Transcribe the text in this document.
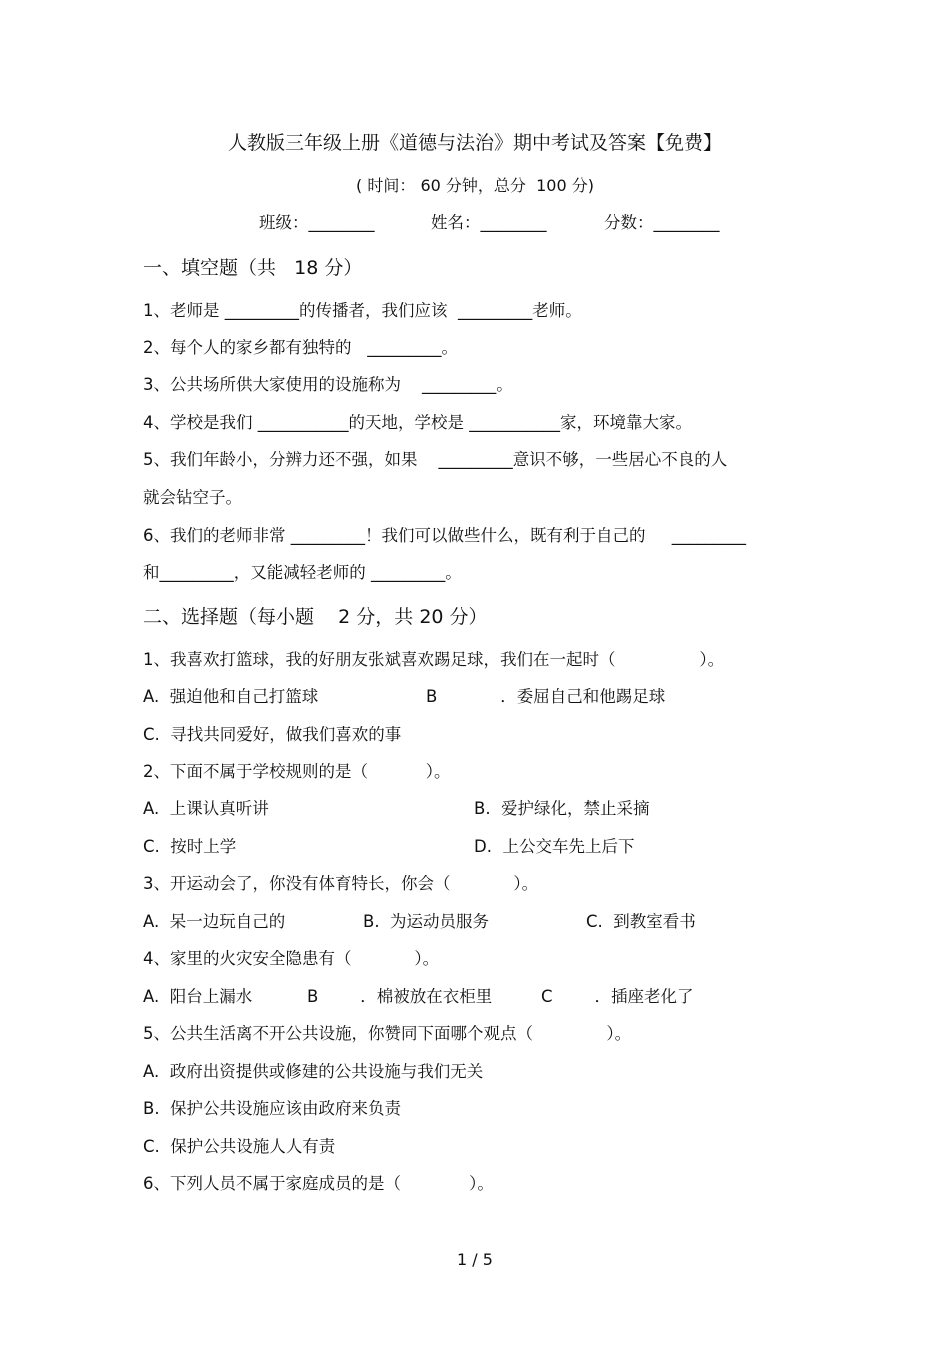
人教版三年级上册《道德与法治》期中考试及答案【免费】
( 时间： 60 分钟，总分  100 分)
班级：________	姓名：________	分数：________
一、填空题（共   18 分）
1、老师是 _________的传播者，我们应该  _________老师。
2、每个人的家乡都有独特的   _________。
3、公共场所供大家使用的设施称为    _________。
4、学校是我们 ___________的天地，学校是 ___________家，环境靠大家。
5、我们年龄小，分辨力还不强，如果    _________意识不够，一些居心不良的人
就会钻空子。
6、我们的老师非常 _________！我们可以做些什么，既有利于自己的     _________
和_________，又能减轻老师的 _________。
二、选择题（每小题    2 分，共 20 分）
1、我喜欢打篮球，我的好朋友张斌喜欢踢足球，我们在一起时（                ）。
A.  强迫他和自己打篮球	B            ．委屈自己和他踢足球
C.  寻找共同爱好，做我们喜欢的事
2、下面不属于学校规则的是（           ）。
A.  上课认真听讲	B.  爱护绿化，禁止采摘
C.  按时上学	D.  上公交车先上后下
3、开运动会了，你没有体育特长，你会（            ）。
A.  呆一边玩自己的	B.  为运动员服务	C.  到教室看书
4、家里的火灾安全隐患有（            ）。
A.  阳台上漏水	B        ．棉被放在衣柜里	C        ．插座老化了
5、公共生活离不开公共设施，你赞同下面哪个观点（              ）。
A.  政府出资提供或修建的公共设施与我们无关
B.  保护公共设施应该由政府来负责
C.  保护公共设施人人有责
6、下列人员不属于家庭成员的是（             ）。
1 / 5
